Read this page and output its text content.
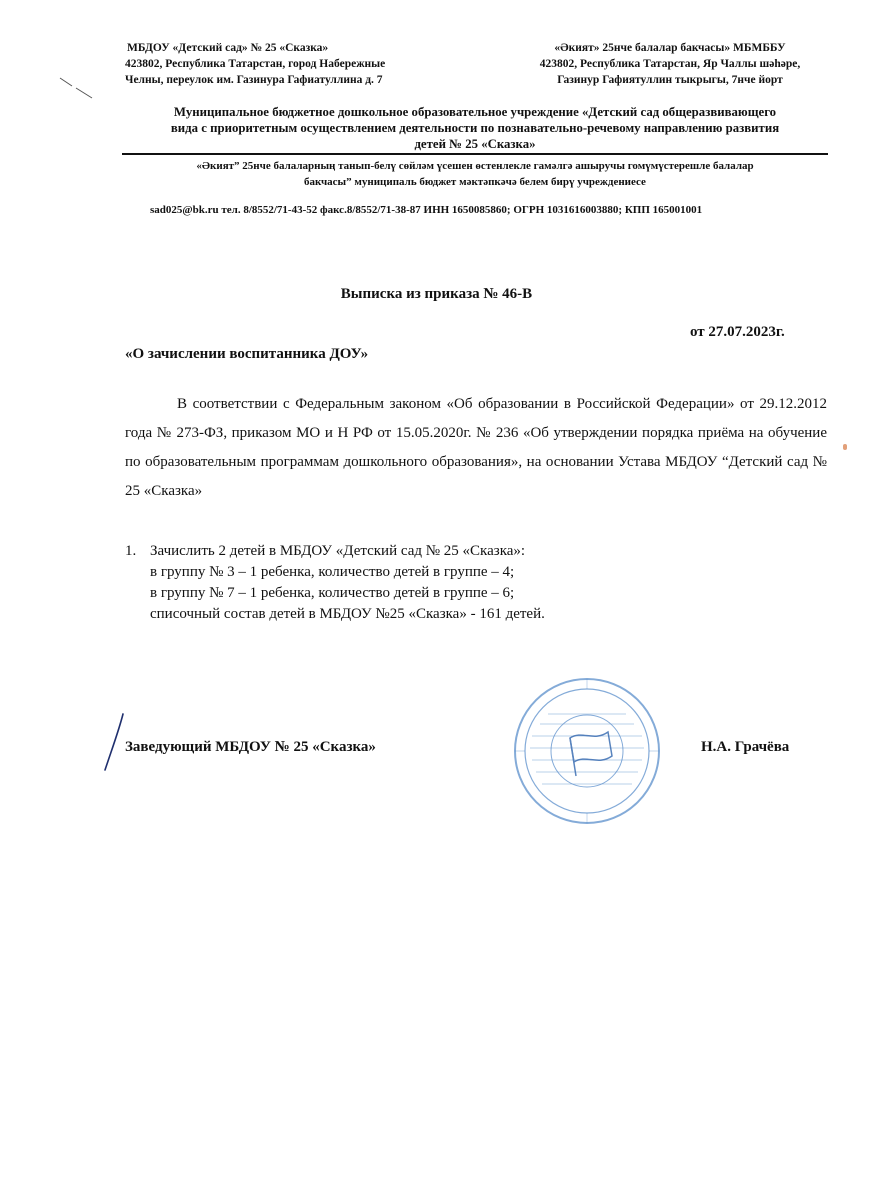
МБДОУ «Детский сад» № 25 «Сказка»
423802, Республика Татарстан, город Набережные
Челны, переулок им. Газинура Гафиатуллина д. 7
«Әкият» 25нче балалар бакчасы» МБМББУ
423802, Республика Татарстан, Яр Чаллы шәһәре,
Газинур Гафиятуллин тыкрыгы, 7нче йорт
Муниципальное бюджетное дошкольное образовательное учреждение «Детский сад общеразвивающего
вида с приоритетным осуществлением деятельности по познавательно-речевому направлению развития
детей № 25 «Сказка»
«Әкият” 25нче балаларның танып-белү сөйләм үсешен өстенлекле гамәлгә ашыручы гомүмүстерешле балалар
бакчасы” муниципаль бюджет мәктәпкәчә белем бирү учреждениесе
sad025@bk.ru тел. 8/8552/71-43-52 факс.8/8552/71-38-87 ИНН 1650085860; ОГРН 1031616003880; КПП 165001001
Выписка из приказа № 46-В
от 27.07.2023г.
«О зачислении воспитанника ДОУ»
В соответствии с Федеральным законом «Об образовании в Российской Федерации» от 29.12.2012 года № 273-ФЗ, приказом МО и Н РФ от 15.05.2020г. № 236 «Об утверждении порядка приёма на обучение по образовательным программам дошкольного образования», на основании Устава МБДОУ “Детский сад № 25 «Сказка»
1. Зачислить 2 детей в МБДОУ «Детский сад № 25 «Сказка»:
в группу № 3 – 1 ребенка, количество детей в группе – 4;
в группу № 7 – 1 ребенка, количество детей в группе – 6;
списочный состав детей в МБДОУ №25 «Сказка» - 161 детей.
Заведующий МБДОУ № 25 «Сказка»	Н.А. Грачёва
